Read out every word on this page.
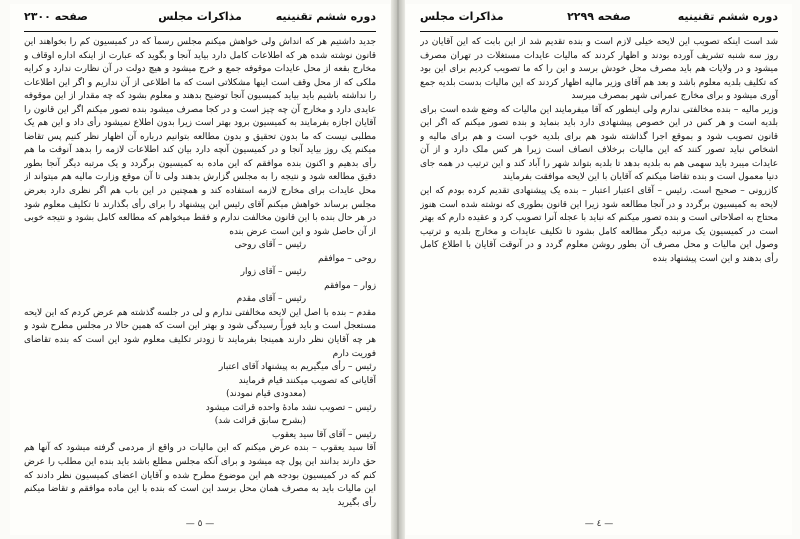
دوره ششم تقنینیه
مذاکرات مجلس
صفحه ۲۳۰۰

جدید داشتیم هر که انداش ولی خواهش میکنم مجلس رسماً که در کمیسیون کم را بخواهند این قانون نوشته شده هر که اطلاعات کامل دارد بیاید آنجا و بگوید که عبارت از اینکه اداره اوقاف و مخارج بقعه از محل عایدات موقوفه جمع و خرج میشود و هیچ دولت در آن نظارت ندارد و کرایه ملکی که از محل وقف است اینها مشکلاتی است که ما اطلاعی از آن نداریم و اگر این اطلاعات را نداشته باشیم باید بیاید کمیسیون آنجا توضیح بدهند و معلوم بشود که چه مقدار از این موقوفه عایدی دارد و مخارج آن چه چیز است و در کجا مصرف میشود بنده تصور میکنم اگر این قانون را آقایان اجازه بفرمایند به کمیسیون برود بهتر است زیرا بدون اطلاع نمیشود رأی داد و این هم یک مطلبی نیست که ما بدون تحقیق و بدون مطالعه بتوانیم درباره آن اظهار نظر کنیم پس تقاضا میکنم یک روز بیاید آنجا و در کمیسیون آنچه دارد بیان کند اطلاعات لازمه را بدهد آنوقت ما هم رأی بدهیم و اکنون بنده موافقم که این ماده به کمیسیون برگردد و یک مرتبه دیگر آنجا بطور دقیق مطالعه شود و نتیجه را به مجلس گزارش بدهند ولی تا آن موقع وزارت مالیه هم میتواند از محل عایدات برای مخارج لازمه استفاده کند و همچنین در این باب هم اگر نظری دارد بعرض مجلس برساند خواهش میکنم آقای رئیس این پیشنهاد را برای رأی بگذارند تا تکلیف معلوم شود در هر حال بنده با این قانون مخالفت ندارم و فقط میخواهم که مطالعه کامل بشود و نتیجه خوبی از آن حاصل شود و این است عرض بنده

رئیس – آقای روحی
روحی – موافقم
رئیس – آقای زوار
زوار – موافقم
رئیس – آقای مقدم

مقدم – بنده با اصل این لایحه مخالفتی ندارم و لی در جلسه گذشته هم عرض کردم که این لایحه مستعجل است و باید فوراً رسیدگی شود و بهتر این است که همین حالا در مجلس مطرح شود و هر چه آقایان نظر دارند همینجا بفرمایند تا زودتر تکلیف معلوم شود این است که بنده تقاضای فوریت دارم

رئیس – رأی میگیریم به پیشنهاد آقای اعتبار
آقایانی که تصویب میکنند قیام فرمایند
(معدودی قیام نمودند)
رئیس – تصویب نشد مادهٔ واحده قرائت میشود
(بشرح سابق قرائت شد)
رئیس – آقای آقا سید یعقوب

آقا سید یعقوب – بنده عرض میکنم که این مالیات در واقع از مردمی گرفته میشود که آنها هم حق دارند بدانند این پول چه میشود و برای آنکه مجلس مطلع باشد باید بنده این مطلب را عرض کنم که در کمیسیون بودجه هم این موضوع مطرح شده و آقایان اعضای کمیسیون نظر دادند که این مالیات باید به مصرف همان محل برسد این است که بنده با این ماده موافقم و تقاضا میکنم رأی بگیرید

— ٥ —
دوره ششم تقنینیه
صفحه ۲۲۹۹
مذاکرات مجلس

شد است اینکه تصویب این لایحه خیلی لازم است و بنده تقدیم شد از این بابت که این آقایان در روز سه شنبه تشریف آورده بودند و اظهار کردند که مالیات عایدات مستغلات در تهران مصرف میشود و در ولایات هم باید مصرف محل خودش برسد و این را که ما تصویب کردیم برای این بود که تکلیف بلدیه معلوم باشد و بعد هم آقای وزیر مالیه اظهار کردند که این مالیات بدست بلدیه جمع آوری میشود و برای مخارج عمرانی شهر بمصرف میرسد

وزیر مالیه – بنده مخالفتی ندارم ولی اینطور که آقا میفرمایند این مالیات که وضع شده است برای بلدیه است و هر کس در این خصوص پیشنهادی دارد باید بنماید و بنده تصور میکنم که اگر این قانون تصویب شود و بموقع اجرا گذاشته شود هم برای بلدیه خوب است و هم برای مالیه و اشخاص نباید تصور کنند که این مالیات برخلاف انصاف است زیرا هر کس ملک دارد و از آن عایدات میبرد باید سهمی هم به بلدیه بدهد تا بلدیه بتواند شهر را آباد کند و این ترتیب در همه جای دنیا معمول است و بنده تقاضا میکنم که آقایان با این لایحه موافقت بفرمایند

کازرونی – صحیح است. رئیس – آقای اعتبار اعتبار – بنده یک پیشنهادی تقدیم کرده بودم که این لایحه به کمیسیون برگردد و در آنجا مطالعه شود زیرا این قانون بطوری که نوشته شده است هنوز محتاج به اصلاحاتی است و بنده تصور میکنم که نباید با عجله آنرا تصویب کرد و عقیده دارم که بهتر است در کمیسیون یک مرتبه دیگر مطالعه کامل بشود تا تکلیف عایدات و مخارج بلدیه و ترتیب وصول این مالیات و محل مصرف آن بطور روشن معلوم گردد و در آنوقت آقایان با اطلاع کامل رأی بدهند و این است پیشنهاد بنده

— ٤ —
